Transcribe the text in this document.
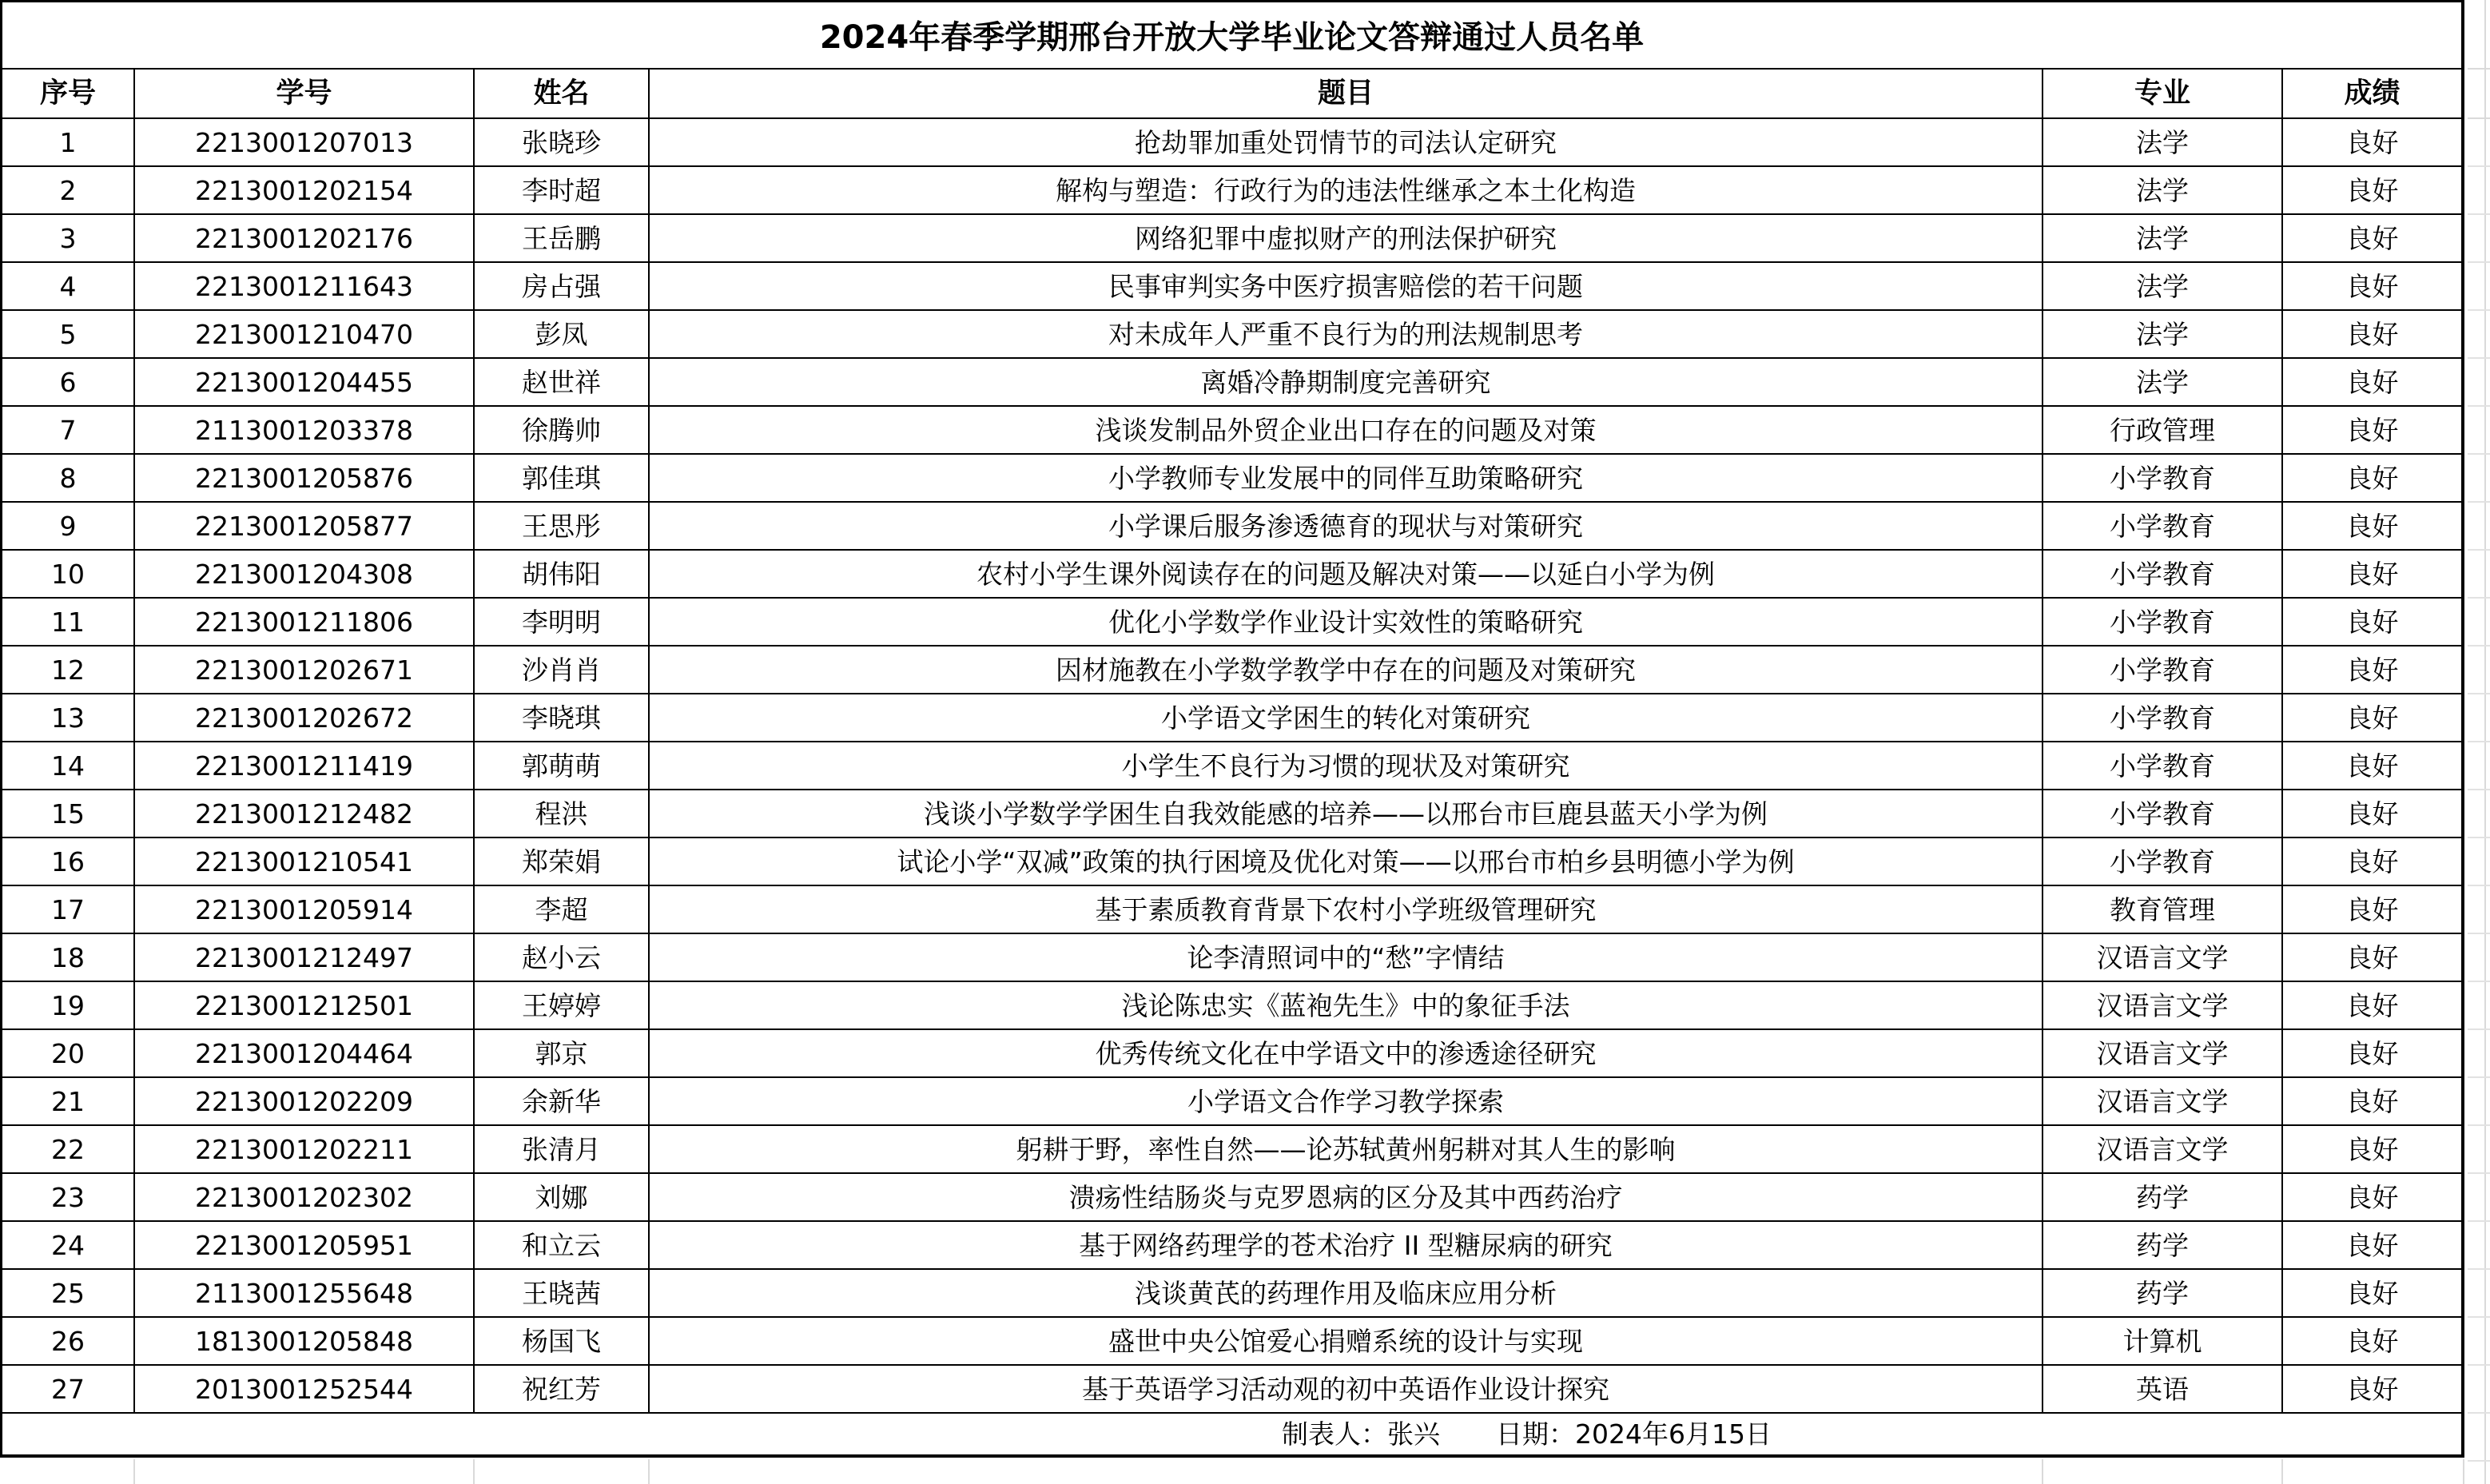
2024年春季学期邢台开放大学毕业论文答辩通过人员名单
序号	学号	姓名	题目	专业	成绩
1	2213001207013	张晓珍	抢劫罪加重处罚情节的司法认定研究	法学	良好
2	2213001202154	李时超	解构与塑造：行政行为的违法性继承之本土化构造	法学	良好
3	2213001202176	王岳鹏	网络犯罪中虚拟财产的刑法保护研究	法学	良好
4	2213001211643	房占强	民事审判实务中医疗损害赔偿的若干问题	法学	良好
5	2213001210470	彭凤	对未成年人严重不良行为的刑法规制思考	法学	良好
6	2213001204455	赵世祥	离婚冷静期制度完善研究	法学	良好
7	2113001203378	徐腾帅	浅谈发制品外贸企业出口存在的问题及对策	行政管理	良好
8	2213001205876	郭佳琪	小学教师专业发展中的同伴互助策略研究	小学教育	良好
9	2213001205877	王思彤	小学课后服务渗透德育的现状与对策研究	小学教育	良好
10	2213001204308	胡伟阳	农村小学生课外阅读存在的问题及解决对策——以延白小学为例	小学教育	良好
11	2213001211806	李明明	优化小学数学作业设计实效性的策略研究	小学教育	良好
12	2213001202671	沙肖肖	因材施教在小学数学教学中存在的问题及对策研究	小学教育	良好
13	2213001202672	李晓琪	小学语文学困生的转化对策研究	小学教育	良好
14	2213001211419	郭萌萌	小学生不良行为习惯的现状及对策研究	小学教育	良好
15	2213001212482	程洪	浅谈小学数学学困生自我效能感的培养——以邢台市巨鹿县蓝天小学为例	小学教育	良好
16	2213001210541	郑荣娟	试论小学“双减”政策的执行困境及优化对策——以邢台市柏乡县明德小学为例	小学教育	良好
17	2213001205914	李超	基于素质教育背景下农村小学班级管理研究	教育管理	良好
18	2213001212497	赵小云	论李清照词中的“愁”字情结	汉语言文学	良好
19	2213001212501	王婷婷	浅论陈忠实《蓝袍先生》中的象征手法	汉语言文学	良好
20	2213001204464	郭京	优秀传统文化在中学语文中的渗透途径研究	汉语言文学	良好
21	2213001202209	余新华	小学语文合作学习教学探索	汉语言文学	良好
22	2213001202211	张清月	躬耕于野，率性自然——论苏轼黄州躬耕对其人生的影响	汉语言文学	良好
23	2213001202302	刘娜	溃疡性结肠炎与克罗恩病的区分及其中西药治疗	药学	良好
24	2213001205951	和立云	基于网络药理学的苍术治疗 II 型糖尿病的研究	药学	良好
25	2113001255648	王晓茜	浅谈黄芪的药理作用及临床应用分析	药学	良好
26	1813001205848	杨国飞	盛世中央公馆爱心捐赠系统的设计与实现	计算机	良好
27	2013001252544	祝红芳	基于英语学习活动观的初中英语作业设计探究	英语	良好
制表人：张兴 日期：2024年6月15日
